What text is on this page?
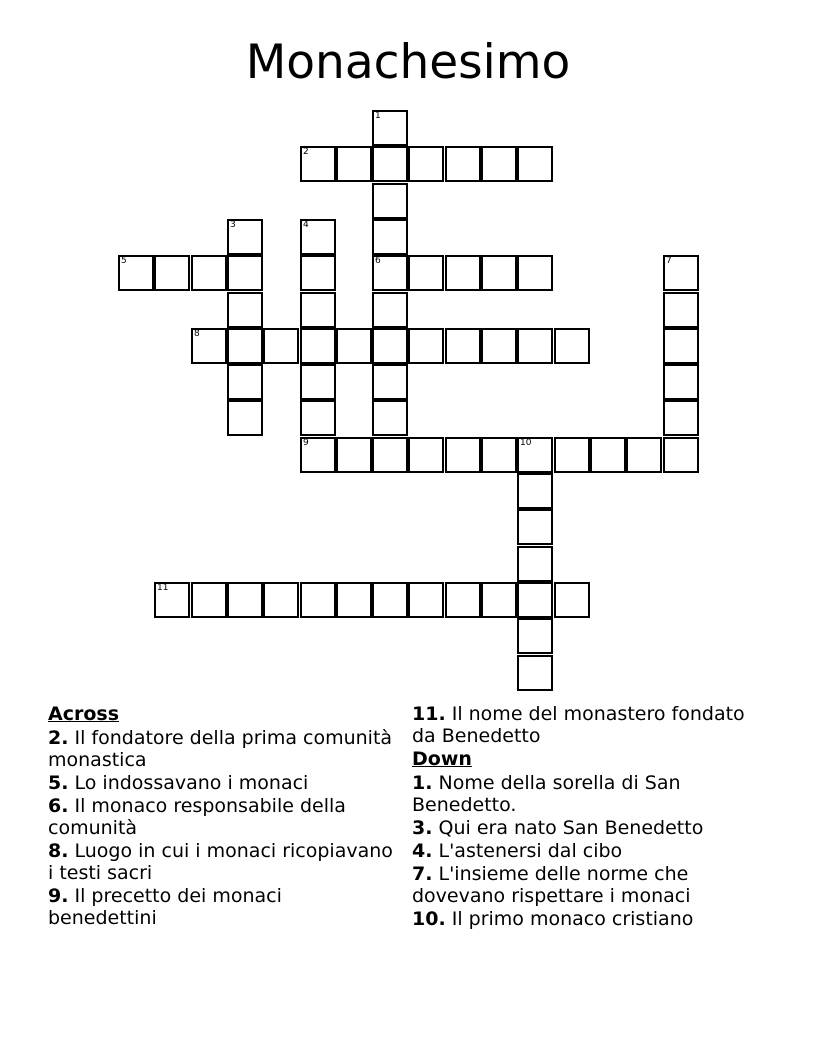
Monachesimo
1
6
2
3	4
9
5	7
8
10
11
Across
2. Il fondatore della prima comunità monastica
5. Lo indossavano i monaci
6. Il monaco responsabile della comunità
8. Luogo in cui i monaci ricopiavano i testi sacri
9. Il precetto dei monaci benedettini
11. Il nome del monastero fondato da Benedetto
Down
1. Nome della sorella di San Benedetto.
3. Qui era nato San Benedetto
4. L'astenersi dal cibo
7. L'insieme delle norme che dovevano rispettare i monaci
10. Il primo monaco cristiano
